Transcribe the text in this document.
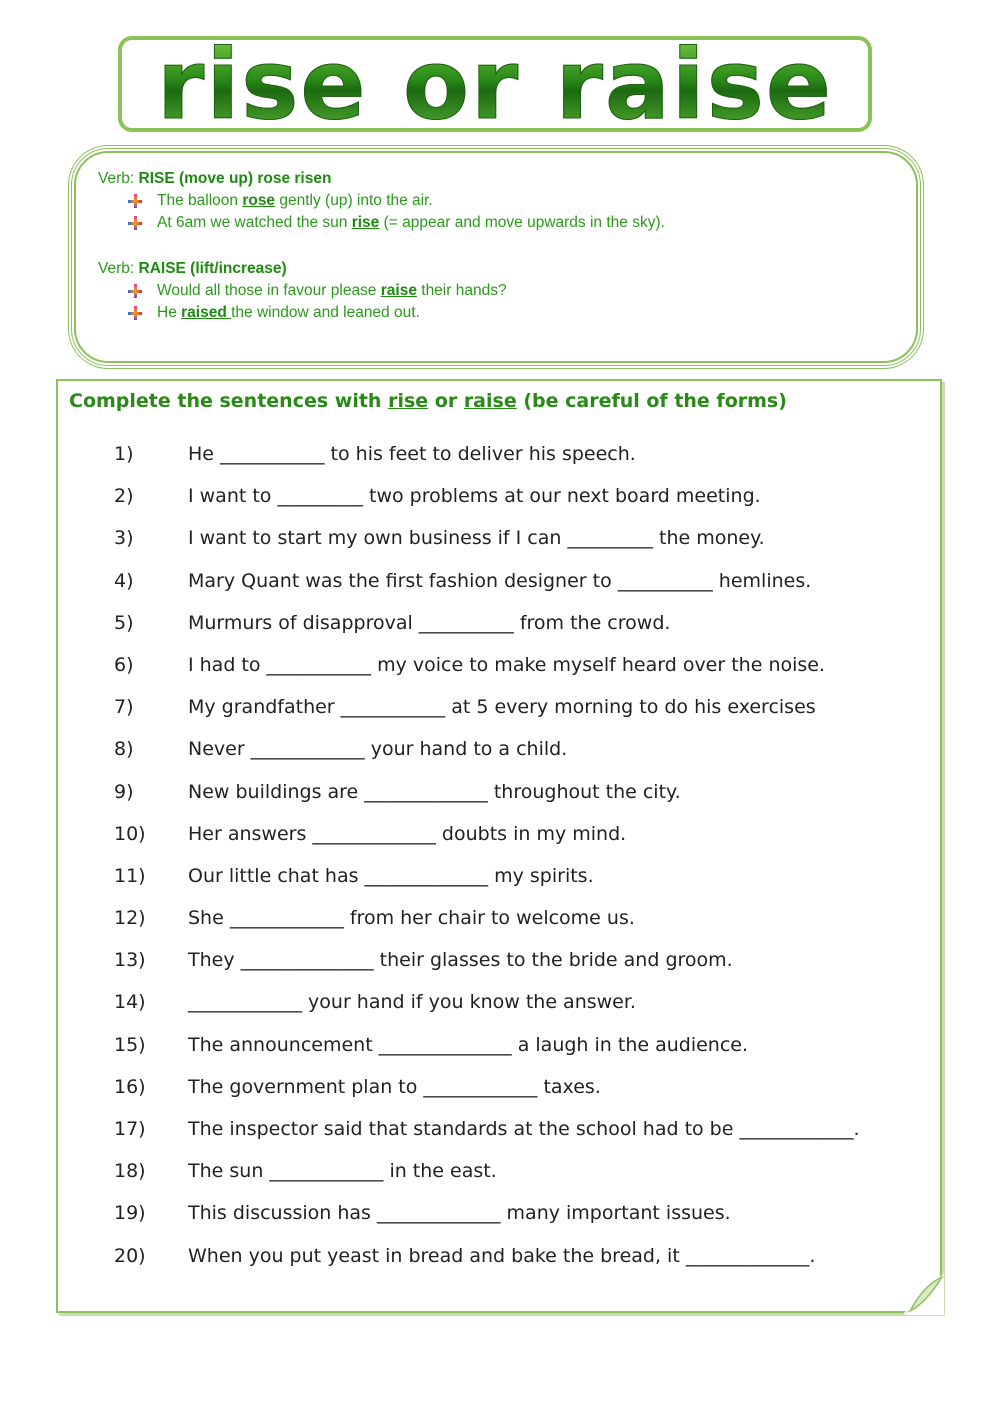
rise or raise
Verb: RISE (move up) rose risen
The balloon rose gently (up) into the air.
At 6am we watched the sun rise (= appear and move upwards in the sky).
Verb: RAISE (lift/increase)
Would all those in favour please raise their hands?
He raised the window and leaned out.
Complete the sentences with rise or raise (be careful of the forms)
1)	He ___________ to his feet to deliver his speech.
2)	I want to _________ two problems at our next board meeting.
3)	I want to start my own business if I can _________ the money.
4)	Mary Quant was the first fashion designer to __________ hemlines.
5)	Murmurs of disapproval __________ from the crowd.
6)	I had to ___________ my voice to make myself heard over the noise.
7)	My grandfather ___________ at 5 every morning to do his exercises
8)	Never ____________ your hand to a child.
9)	New buildings are _____________ throughout the city.
10)	Her answers _____________ doubts in my mind.
11)	Our little chat has _____________ my spirits.
12)	She ____________ from her chair to welcome us.
13)	They ______________ their glasses to the bride and groom.
14)	____________ your hand if you know the answer.
15)	The announcement ______________ a laugh in the audience.
16)	The government plan to ____________ taxes.
17)	The inspector said that standards at the school had to be ____________.
18)	The sun ____________ in the east.
19)	This discussion has _____________ many important issues.
20)	When you put yeast in bread and bake the bread, it _____________.
